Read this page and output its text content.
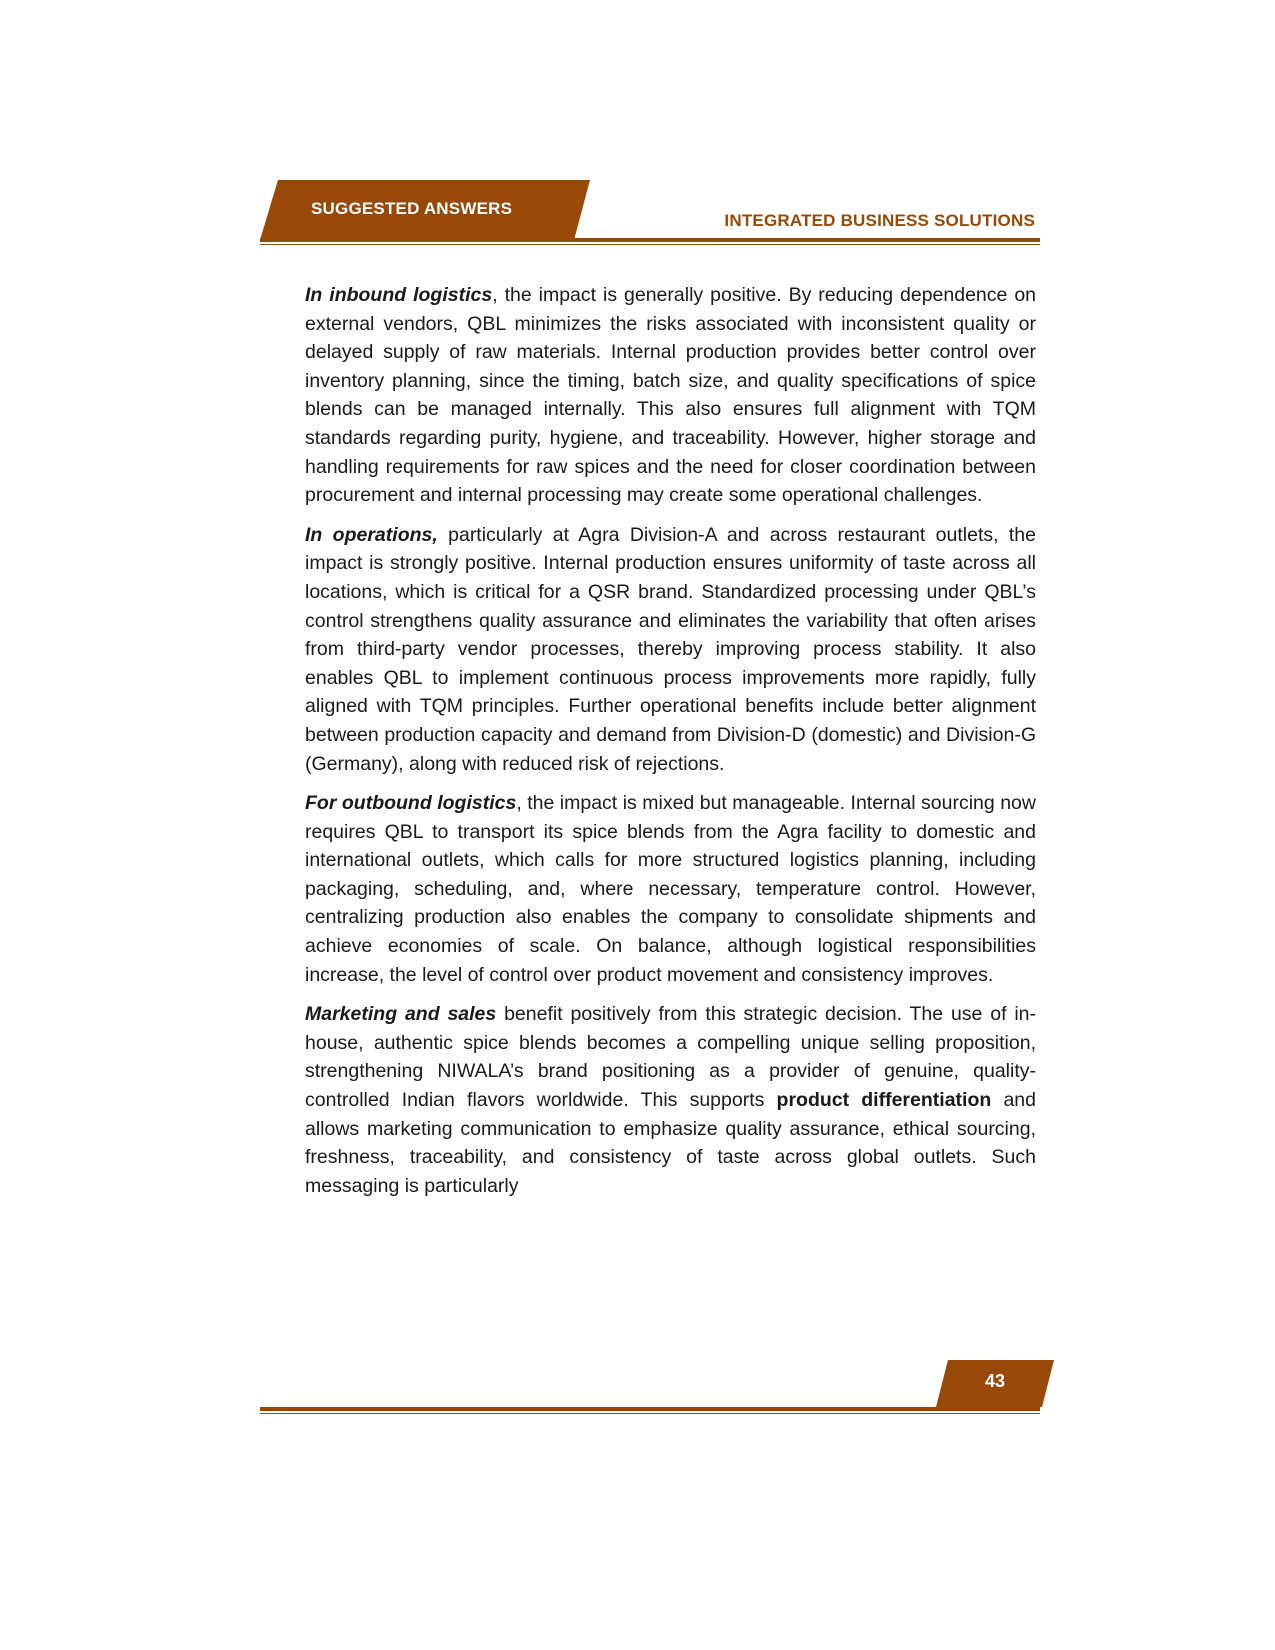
SUGGESTED ANSWERS
INTEGRATED BUSINESS SOLUTIONS

In inbound logistics, the impact is generally positive. By reducing dependence on external vendors, QBL minimizes the risks associated with inconsistent quality or delayed supply of raw materials. Internal production provides better control over inventory planning, since the timing, batch size, and quality specifications of spice blends can be managed internally. This also ensures full alignment with TQM standards regarding purity, hygiene, and traceability. However, higher storage and handling requirements for raw spices and the need for closer coordination between procurement and internal processing may create some operational challenges.

In operations, particularly at Agra Division-A and across restaurant outlets, the impact is strongly positive. Internal production ensures uniformity of taste across all locations, which is critical for a QSR brand. Standardized processing under QBL’s control strengthens quality assurance and eliminates the variability that often arises from third-party vendor processes, thereby improving process stability. It also enables QBL to implement continuous process improvements more rapidly, fully aligned with TQM principles. Further operational benefits include better alignment between production capacity and demand from Division-D (domestic) and Division-G (Germany), along with reduced risk of rejections.

For outbound logistics, the impact is mixed but manageable. Internal sourcing now requires QBL to transport its spice blends from the Agra facility to domestic and international outlets, which calls for more structured logistics planning, including packaging, scheduling, and, where necessary, temperature control. However, centralizing production also enables the company to consolidate shipments and achieve economies of scale. On balance, although logistical responsibilities increase, the level of control over product movement and consistency improves.

Marketing and sales benefit positively from this strategic decision. The use of in-house, authentic spice blends becomes a compelling unique selling proposition, strengthening NIWALA’s brand positioning as a provider of genuine, quality-controlled Indian flavors worldwide. This supports product differentiation and allows marketing communication to emphasize quality assurance, ethical sourcing, freshness, traceability, and consistency of taste across global outlets. Such messaging is particularly

43
